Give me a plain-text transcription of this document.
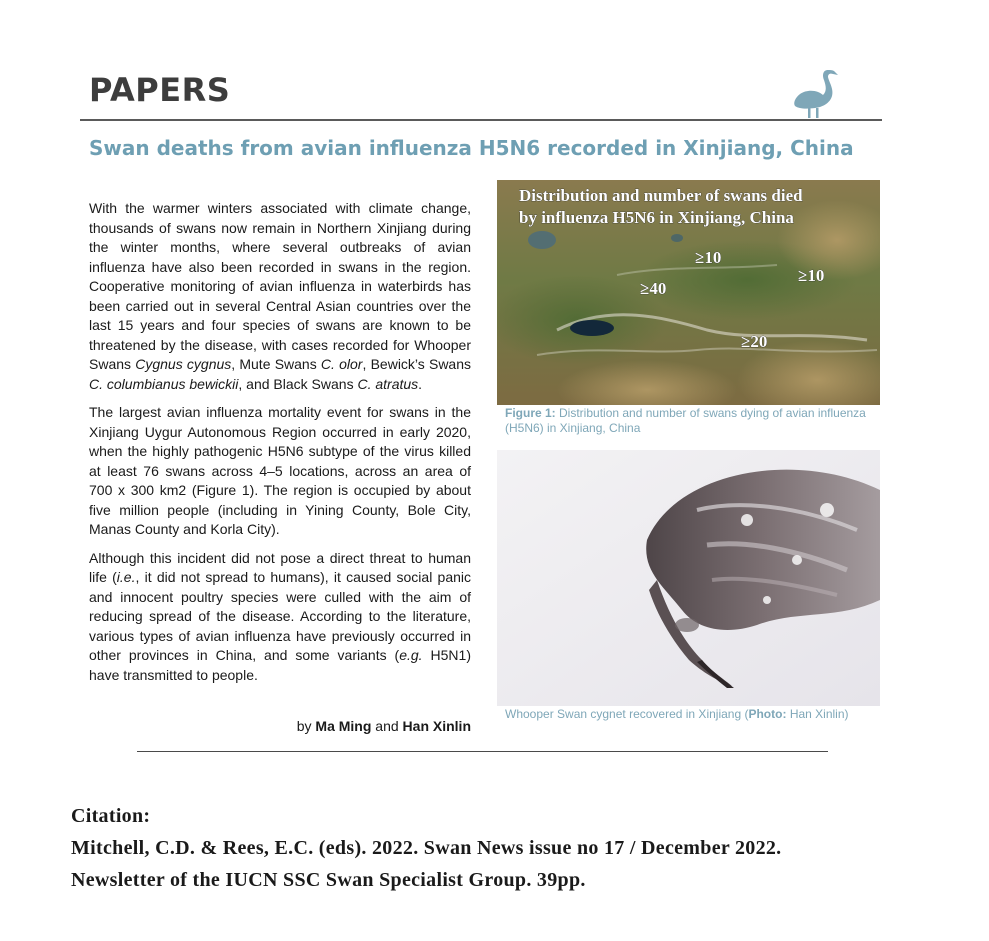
PAPERS
Swan deaths from avian influenza H5N6 recorded in Xinjiang, China

With the warmer winters associated with climate change, thousands of swans now remain in Northern Xinjiang during the winter months, where several outbreaks of avian influenza have also been recorded in swans in the region. Cooperative monitoring of avian influenza in waterbirds has been carried out in several Central Asian countries over the last 15 years and four species of swans are known to be threatened by the disease, with cases recorded for Whooper Swans Cygnus cygnus, Mute Swans C. olor, Bewick’s Swans C. columbianus bewickii, and Black Swans C. atratus.

The largest avian influenza mortality event for swans in the Xinjiang Uygur Autonomous Region occurred in early 2020, when the highly pathogenic H5N6 subtype of the virus killed at least 76 swans across 4–5 locations, across an area of 700 x 300 km2 (Figure 1). The region is occupied by about five million people (including in Yining County, Bole City, Manas County and Korla City).

Although this incident did not pose a direct threat to human life (i.e., it did not spread to humans), it caused social panic and innocent poultry species were culled with the aim of reducing spread of the disease. According to the literature, various types of avian influenza have previously occurred in other provinces in China, and some variants (e.g. H5N1) have transmitted to people.

by Ma Ming and Han Xinlin
Distribution and number of swans died
by influenza H5N6 in Xinjiang, China
≥10
≥40
≥10
≥20
Figure 1: Distribution and number of swans dying of avian influenza (H5N6) in Xinjiang, China
Whooper Swan cygnet recovered in Xinjiang (Photo: Han Xinlin)
Citation:
Mitchell, C.D. & Rees, E.C. (eds). 2022. Swan News issue no 17 / December 2022.
Newsletter of the IUCN SSC Swan Specialist Group. 39pp.
